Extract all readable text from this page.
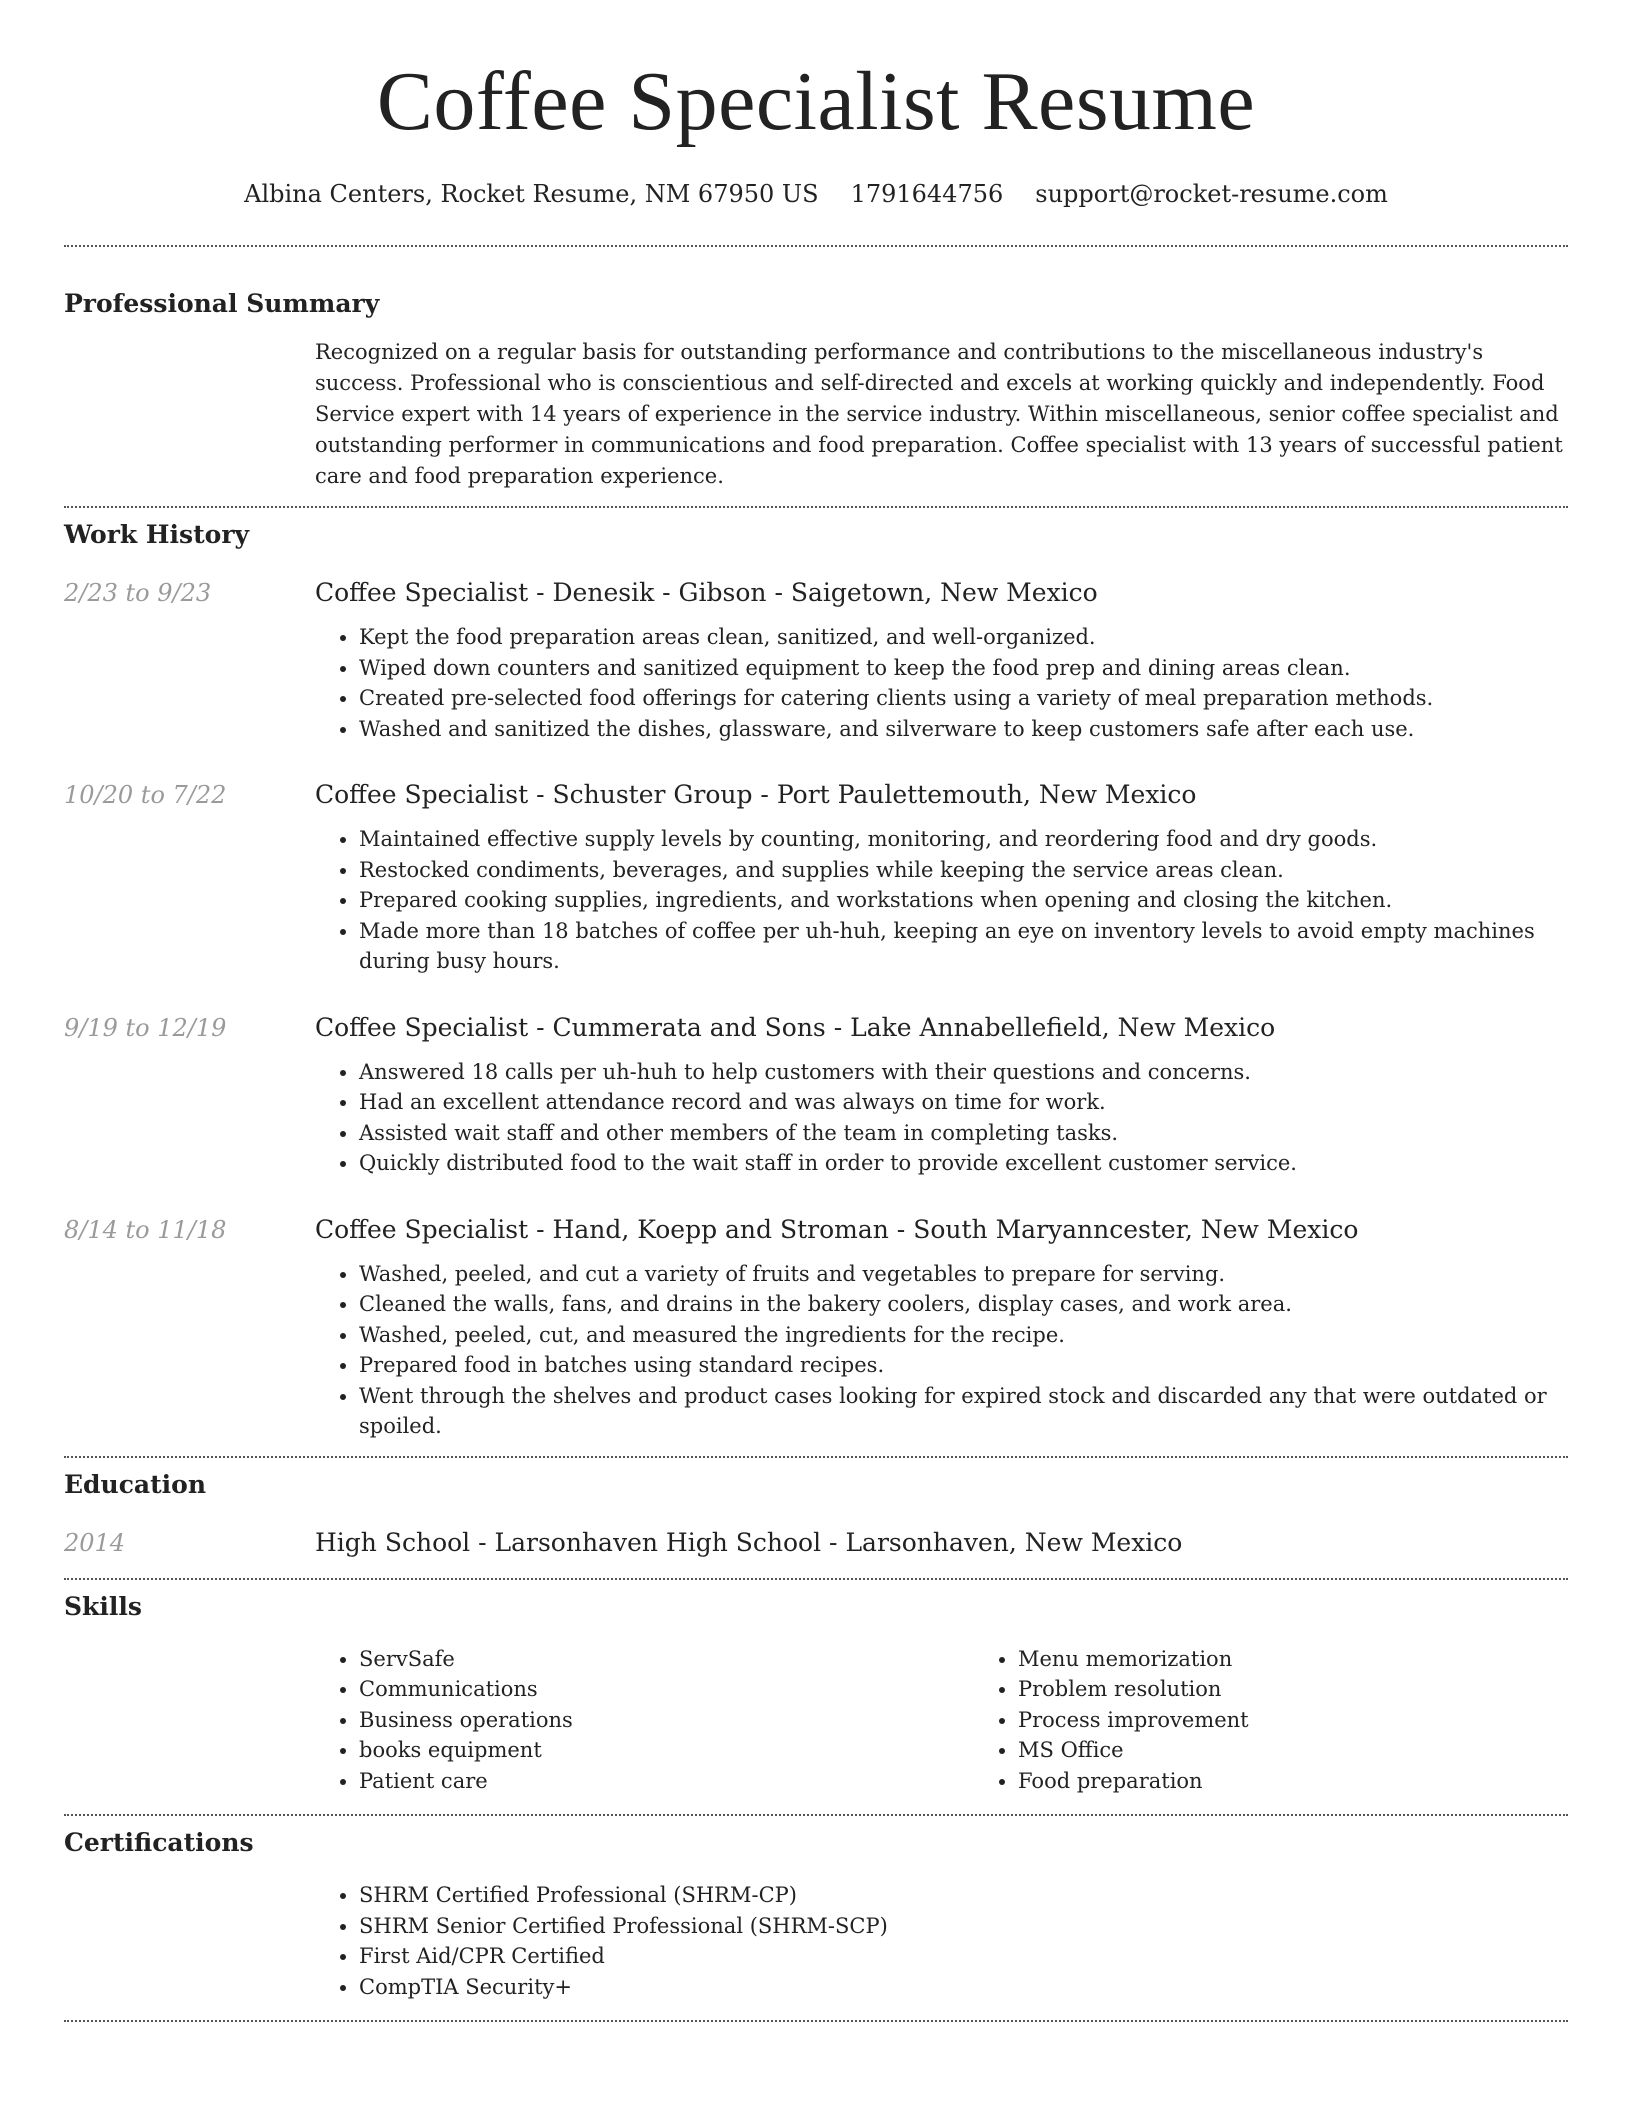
Coffee Specialist Resume
Albina Centers, Rocket Resume, NM 67950 US 1791644756 support@rocket-resume.com
Professional Summary

Recognized on a regular basis for outstanding performance and contributions to the miscellaneous industry's success. Professional who is conscientious and self-directed and excels at working quickly and independently. Food Service expert with 14 years of experience in the service industry. Within miscellaneous, senior coffee specialist and outstanding performer in communications and food preparation. Coffee specialist with 13 years of successful patient care and food preparation experience.

Work History
2/23 to 9/23	Coffee Specialist - Denesik - Gibson - Saigetown, New Mexico
• Kept the food preparation areas clean, sanitized, and well-organized.
• Wiped down counters and sanitized equipment to keep the food prep and dining areas clean.
• Created pre-selected food offerings for catering clients using a variety of meal preparation methods.
• Washed and sanitized the dishes, glassware, and silverware to keep customers safe after each use.
10/20 to 7/22	Coffee Specialist - Schuster Group - Port Paulettemouth, New Mexico
• Maintained effective supply levels by counting, monitoring, and reordering food and dry goods.
• Restocked condiments, beverages, and supplies while keeping the service areas clean.
• Prepared cooking supplies, ingredients, and workstations when opening and closing the kitchen.
• Made more than 18 batches of coffee per uh-huh, keeping an eye on inventory levels to avoid empty machines during busy hours.
9/19 to 12/19	Coffee Specialist - Cummerata and Sons - Lake Annabellefield, New Mexico
• Answered 18 calls per uh-huh to help customers with their questions and concerns.
• Had an excellent attendance record and was always on time for work.
• Assisted wait staff and other members of the team in completing tasks.
• Quickly distributed food to the wait staff in order to provide excellent customer service.
8/14 to 11/18	Coffee Specialist - Hand, Koepp and Stroman - South Maryanncester, New Mexico
• Washed, peeled, and cut a variety of fruits and vegetables to prepare for serving.
• Cleaned the walls, fans, and drains in the bakery coolers, display cases, and work area.
• Washed, peeled, cut, and measured the ingredients for the recipe.
• Prepared food in batches using standard recipes.
• Went through the shelves and product cases looking for expired stock and discarded any that were outdated or spoiled.
Education
2014	High School - Larsonhaven High School - Larsonhaven, New Mexico
Skills
• ServSafe
• Communications
• Business operations
• books equipment
• Patient care
• Menu memorization
• Problem resolution
• Process improvement
• MS Office
• Food preparation
Certifications
• SHRM Certified Professional (SHRM-CP)
• SHRM Senior Certified Professional (SHRM-SCP)
• First Aid/CPR Certified
• CompTIA Security+
